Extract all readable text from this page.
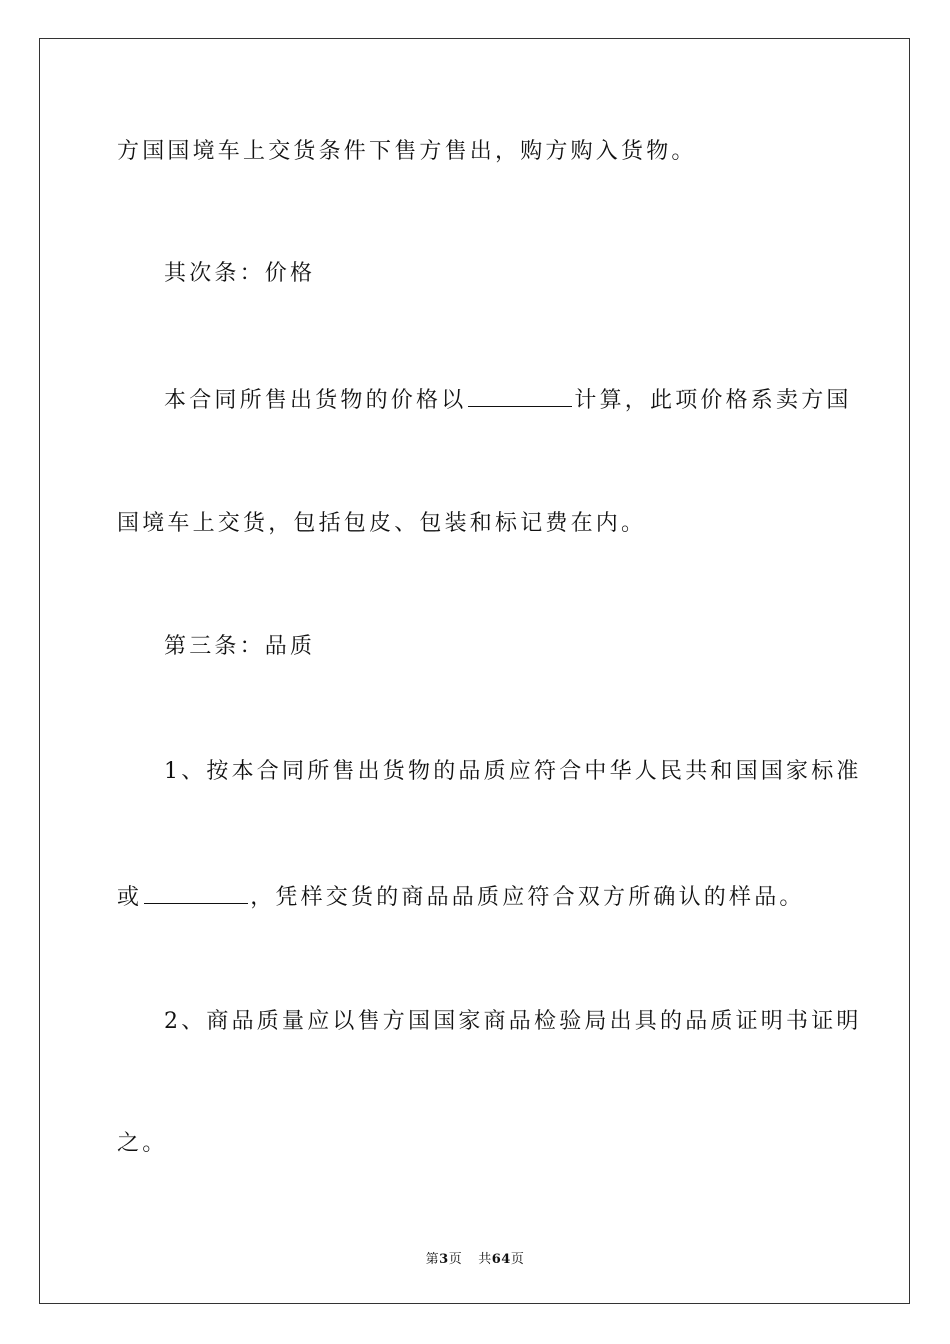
方国国境车上交货条件下售方售出，购方购入货物。
其次条：价格
本合同所售出货物的价格以	计算，此项价格系卖方国
国境车上交货，包括包皮、包装和标记费在内。
第三条：品质
1、按本合同所售出货物的品质应符合中华人民共和国国家标准
或	，凭样交货的商品品质应符合双方所确认的样品。
2、商品质量应以售方国国家商品检验局出具的品质证明书证明
之。
第3页 共64页
